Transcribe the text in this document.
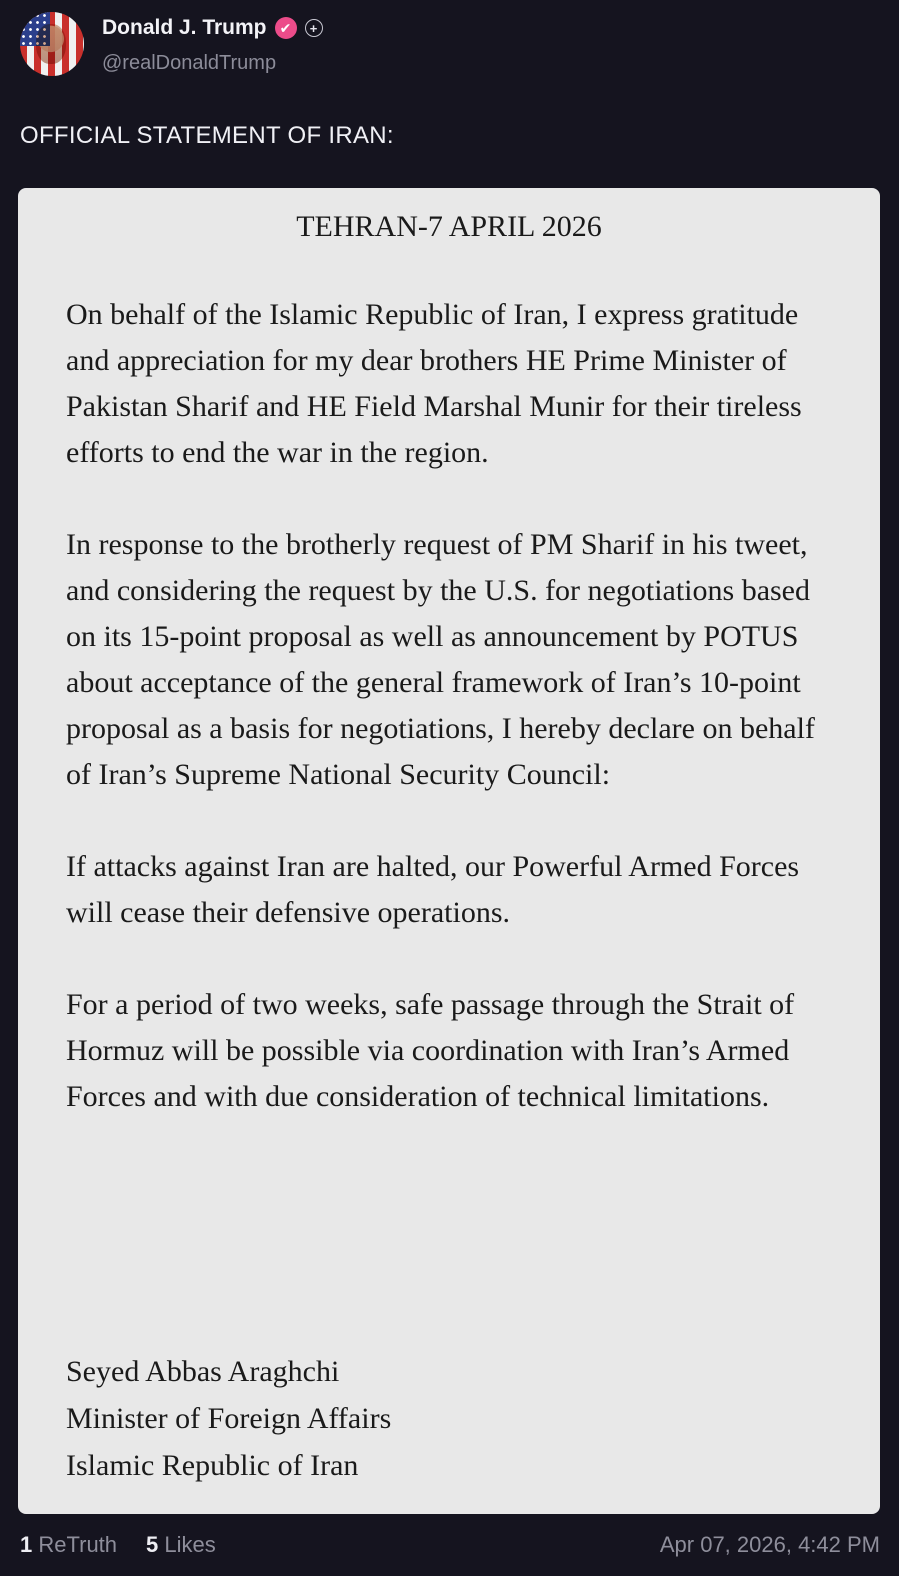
Donald J. Trump ✔	+
@realDonaldTrump
OFFICIAL STATEMENT OF IRAN:
TEHRAN-7 APRIL 2026

On behalf of the Islamic Republic of Iran, I express gratitude and appreciation for my dear brothers HE Prime Minister of Pakistan Sharif and HE Field Marshal Munir for their tireless efforts to end the war in the region.

In response to the brotherly request of PM Sharif in his tweet, and considering the request by the U.S. for negotiations based on its 15-point proposal as well as announcement by POTUS about acceptance of the general framework of Iran’s 10-point proposal as a basis for negotiations, I hereby declare on behalf of Iran’s Supreme National Security Council:

If attacks against Iran are halted, our Powerful Armed Forces will cease their defensive operations.

For a period of two weeks, safe passage through the Strait of Hormuz will be possible via coordination with Iran’s Armed Forces and with due consideration of technical limitations.

Seyed Abbas Araghchi
Minister of Foreign Affairs
Islamic Republic of Iran
1 ReTruth 5 Likes	Apr 07, 2026, 4:42 PM
